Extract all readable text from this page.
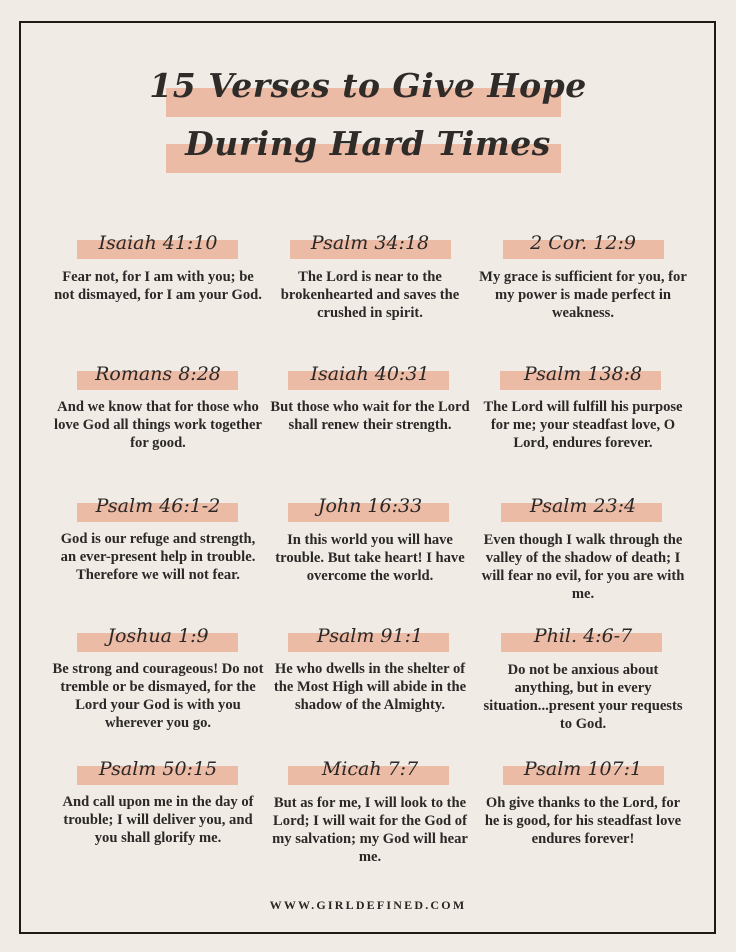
15 Verses to Give Hope
During Hard Times
Isaiah 41:10
Fear not, for I am with you; be not dismayed, for I am your God.
Psalm 34:18
The Lord is near to the brokenhearted and saves the crushed in spirit.
2 Cor. 12:9
My grace is sufficient for you, for my power is made perfect in weakness.
Romans 8:28
And we know that for those who love God all things work together for good.
Isaiah 40:31
But those who wait for the Lord shall renew their strength.
Psalm 138:8
The Lord will fulfill his purpose for me; your steadfast love, O Lord, endures forever.
Psalm 46:1-2
God is our refuge and strength, an ever-present help in trouble. Therefore we will not fear.
John 16:33
In this world you will have trouble. But take heart! I have overcome the world.
Psalm 23:4
Even though I walk through the valley of the shadow of death; I will fear no evil, for you are with me.
Joshua 1:9
Be strong and courageous! Do not tremble or be dismayed, for the Lord your God is with you wherever you go.
Psalm 91:1
He who dwells in the shelter of the Most High will abide in the shadow of the Almighty.
Phil. 4:6-7
Do not be anxious about anything, but in every situation...present your requests to God.
Psalm 50:15
And call upon me in the day of trouble; I will deliver you, and you shall glorify me.
Micah 7:7
But as for me, I will look to the Lord; I will wait for the God of my salvation; my God will hear me.
Psalm 107:1
Oh give thanks to the Lord, for he is good, for his steadfast love endures forever!
WWW.GIRLDEFINED.COM
